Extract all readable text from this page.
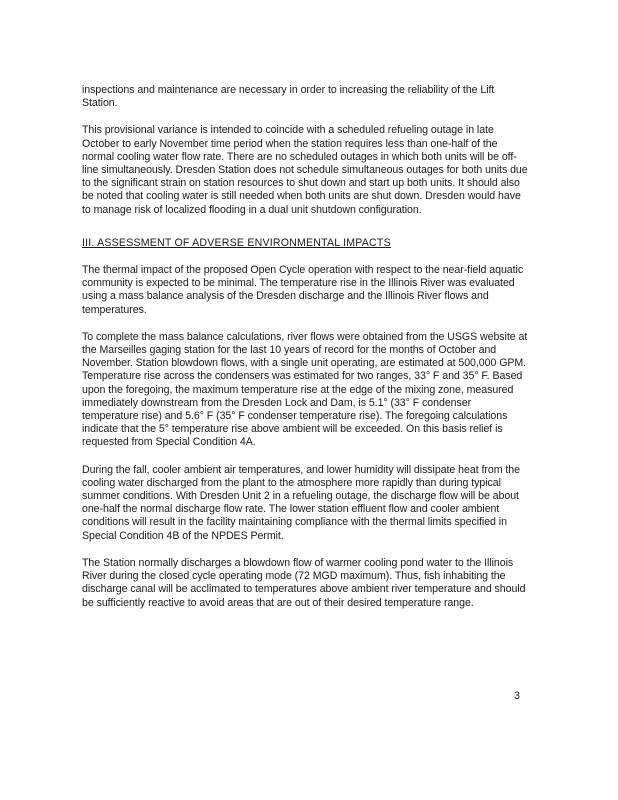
inspections and maintenance are necessary in order to increasing the reliability of the Lift Station.

This provisional variance is intended to coincide with a scheduled refueling outage in late October to early November time period when the station requires less than one-half of the normal cooling water flow rate. There are no scheduled outages in which both units will be off-line simultaneously. Dresden Station does not schedule simultaneous outages for both units due to the significant strain on station resources to shut down and start up both units. It should also be noted that cooling water is still needed when both units are shut down. Dresden would have to manage risk of localized flooding in a dual unit shutdown configuration.

III. ASSESSMENT OF ADVERSE ENVIRONMENTAL IMPACTS

The thermal impact of the proposed Open Cycle operation with respect to the near-field aquatic community is expected to be minimal. The temperature rise in the Illinois River was evaluated using a mass balance analysis of the Dresden discharge and the Illinois River flows and temperatures.

To complete the mass balance calculations, river flows were obtained from the USGS website at the Marseilles gaging station for the last 10 years of record for the months of October and November. Station blowdown flows, with a single unit operating, are estimated at 500,000 GPM. Temperature rise across the condensers was estimated for two ranges, 33° F and 35° F. Based upon the foregoing, the maximum temperature rise at the edge of the mixing zone, measured immediately downstream from the Dresden Lock and Dam, is 5.1° (33° F condenser temperature rise) and 5.6° F (35° F condenser temperature rise). The foregoing calculations indicate that the 5° temperature rise above ambient will be exceeded. On this basis relief is requested from Special Condition 4A.

During the fall, cooler ambient air temperatures, and lower humidity will dissipate heat from the cooling water discharged from the plant to the atmosphere more rapidly than during typical summer conditions. With Dresden Unit 2 in a refueling outage, the discharge flow will be about one-half the normal discharge flow rate. The lower station effluent flow and cooler ambient conditions will result in the facility maintaining compliance with the thermal limits specified in Special Condition 4B of the NPDES Permit.

The Station normally discharges a blowdown flow of warmer cooling pond water to the Illinois River during the closed cycle operating mode (72 MGD maximum). Thus, fish inhabiting the discharge canal will be acclimated to temperatures above ambient river temperature and should be sufficiently reactive to avoid areas that are out of their desired temperature range.

3
